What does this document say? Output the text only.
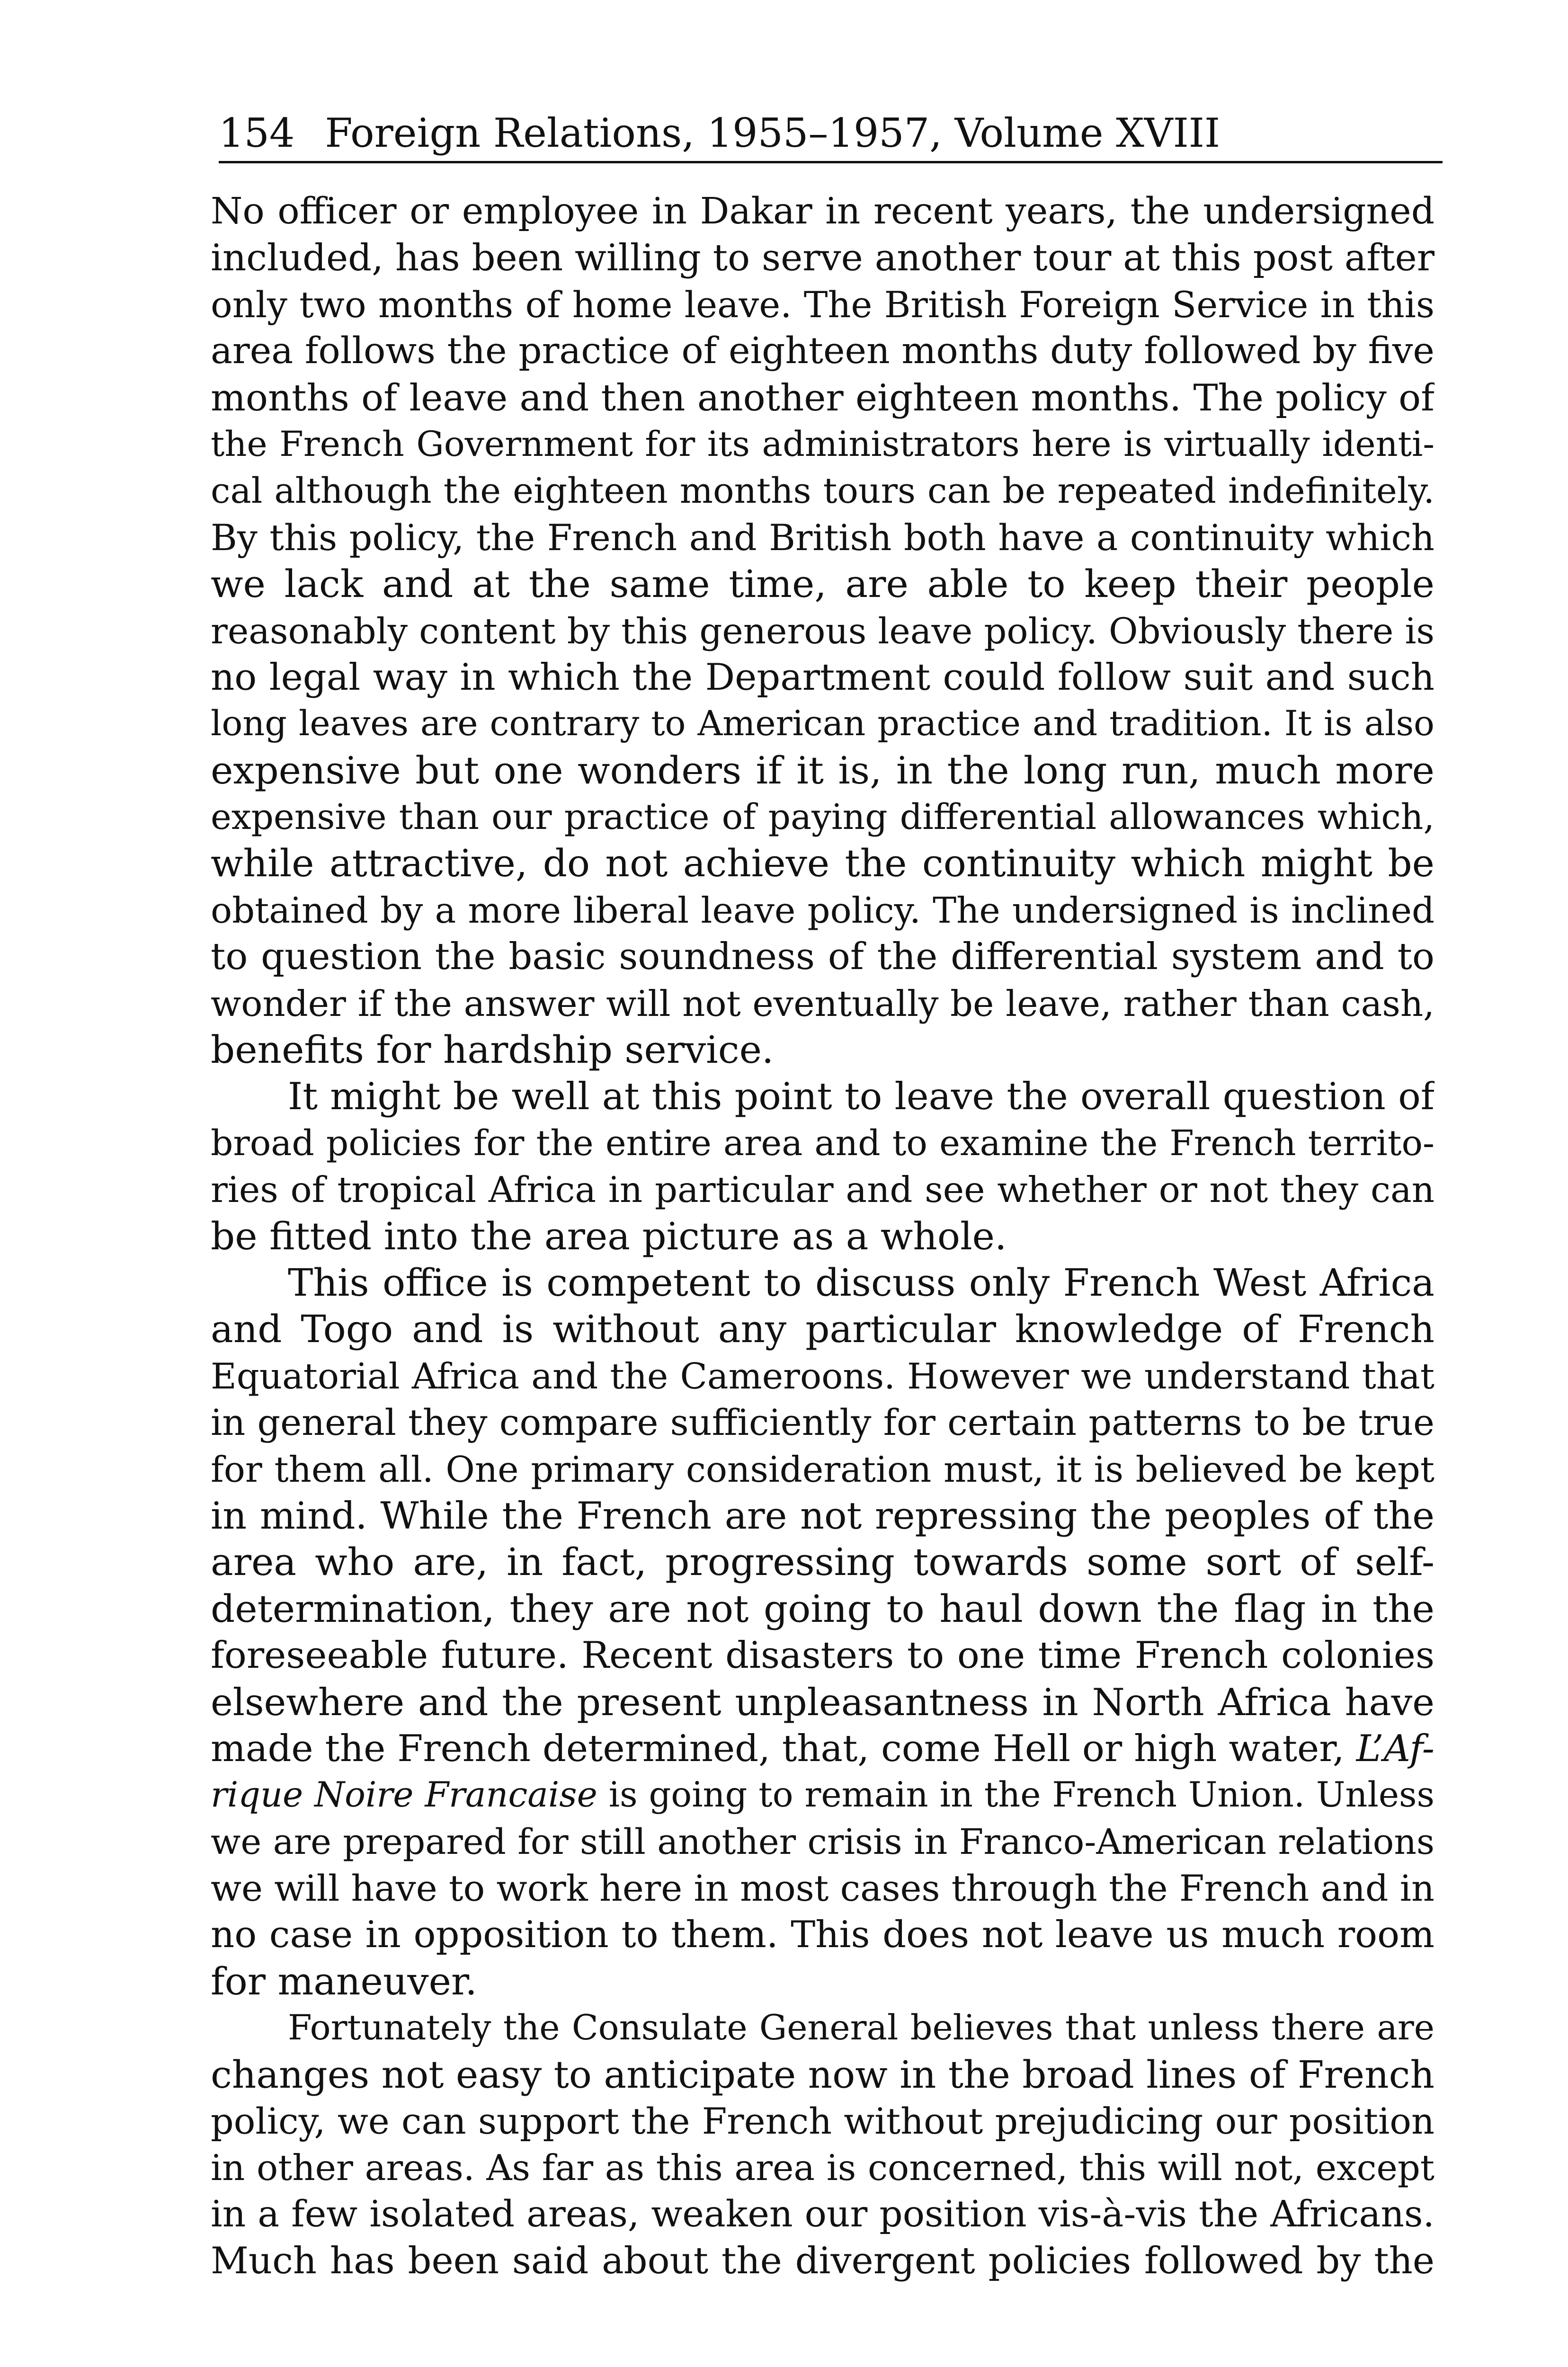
154 Foreign Relations, 1955–1957, Volume XVIII
No officer or employee in Dakar in recent years, the undersigned
included, has been willing to serve another tour at this post after
only two months of home leave. The British Foreign Service in this
area follows the practice of eighteen months duty followed by five
months of leave and then another eighteen months. The policy of
the French Government for its administrators here is virtually identi-
cal although the eighteen months tours can be repeated indefinitely.
By this policy, the French and British both have a continuity which
we lack and at the same time, are able to keep their people
reasonably content by this generous leave policy. Obviously there is
no legal way in which the Department could follow suit and such
long leaves are contrary to American practice and tradition. It is also
expensive but one wonders if it is, in the long run, much more
expensive than our practice of paying differential allowances which,
while attractive, do not achieve the continuity which might be
obtained by a more liberal leave policy. The undersigned is inclined
to question the basic soundness of the differential system and to
wonder if the answer will not eventually be leave, rather than cash,
benefits for hardship service.
It might be well at this point to leave the overall question of
broad policies for the entire area and to examine the French territo-
ries of tropical Africa in particular and see whether or not they can
be fitted into the area picture as a whole.
This office is competent to discuss only French West Africa
and Togo and is without any particular knowledge of French
Equatorial Africa and the Cameroons. However we understand that
in general they compare sufficiently for certain patterns to be true
for them all. One primary consideration must, it is believed be kept
in mind. While the French are not repressing the peoples of the
area who are, in fact, progressing towards some sort of self-
determination, they are not going to haul down the flag in the
foreseeable future. Recent disasters to one time French colonies
elsewhere and the present unpleasantness in North Africa have
made the French determined, that, come Hell or high water, L’Af-
rique Noire Francaise is going to remain in the French Union. Unless
we are prepared for still another crisis in Franco-American relations
we will have to work here in most cases through the French and in
no case in opposition to them. This does not leave us much room
for maneuver.
Fortunately the Consulate General believes that unless there are
changes not easy to anticipate now in the broad lines of French
policy, we can support the French without prejudicing our position
in other areas. As far as this area is concerned, this will not, except
in a few isolated areas, weaken our position vis-à-vis the Africans.
Much has been said about the divergent policies followed by the
